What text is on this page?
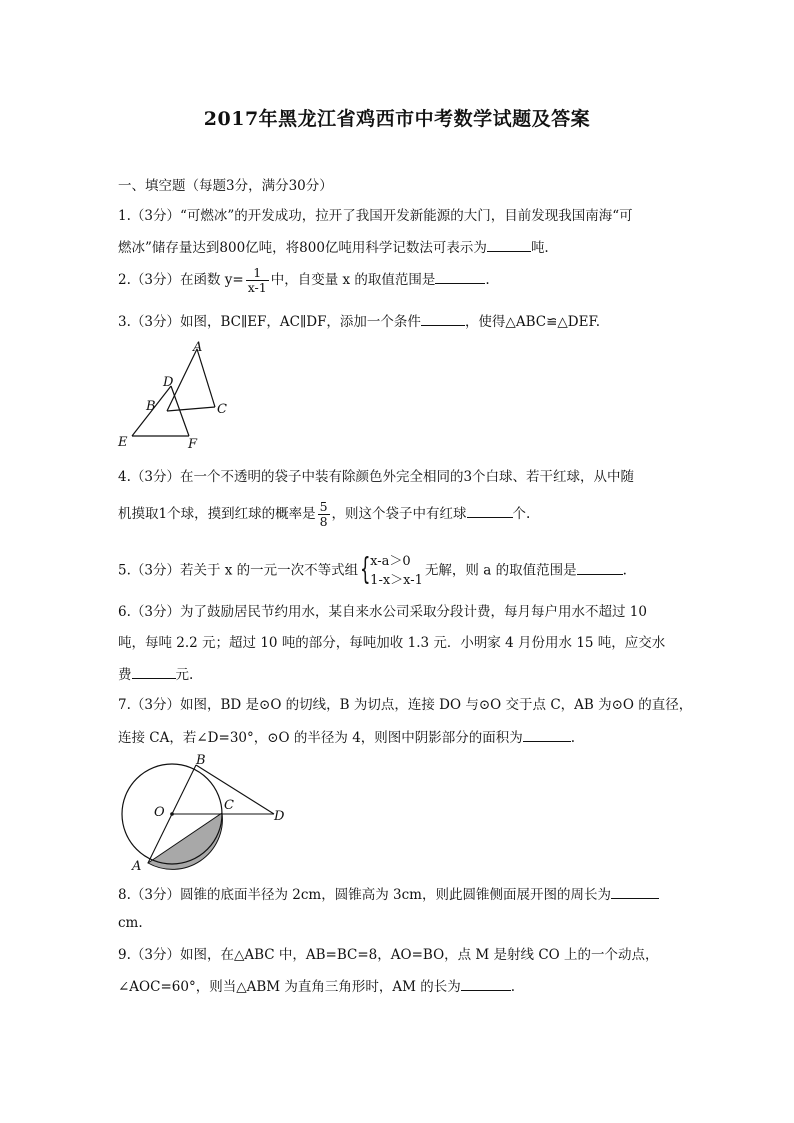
2017年黑龙江省鸡西市中考数学试题及答案
一、填空题（每题3分，满分30分）
1.（3分）“可燃冰”的开发成功，拉开了我国开发新能源的大门，目前发现我国南海“可
燃冰”储存量达到800亿吨，将800亿吨用科学记数法可表示为	吨.
2.（3分）在函数 $y= \frac{1}{x-1}$ 中，自变量 x 的取值范围是	.
3.（3分）如图，BC∥EF，AC∥DF，添加一个条件	，使得△ABC≌△DEF.
A
D
B	C
E	F
4.（3分）在一个不透明的袋子中装有除颜色外完全相同的3个白球、若干红球，从中随
机摸取1个球，摸到红球的概率是 $\frac{5}{8}$ ，则这个袋子中有红球	个.
5.（3分）若关于 x 的一元一次不等式组 { x-a＞0
1-x＞x-1
无解，则 a 的取值范围是	.
6.（3分）为了鼓励居民节约用水，某自来水公司采取分段计费，每月每户用水不超过 10
吨，每吨 2.2 元；超过 10 吨的部分，每吨加收 1.3 元．小明家 4 月份用水 15 吨，应交水
费	元.
7.（3分）如图，BD 是⊙O 的切线，B 为切点，连接 DO 与⊙O 交于点 C，AB 为⊙O 的直径，
连接 CA，若∠D=30°，⊙O 的半径为 4，则图中阴影部分的面积为	.
B
O	C
D
A
8.（3分）圆锥的底面半径为 2cm，圆锥高为 3cm，则此圆锥侧面展开图的周长为
cm.
9.（3分）如图，在△ABC 中，AB=BC=8，AO=BO，点 M 是射线 CO 上的一个动点，
∠AOC=60°，则当△ABM 为直角三角形时，AM 的长为	.
